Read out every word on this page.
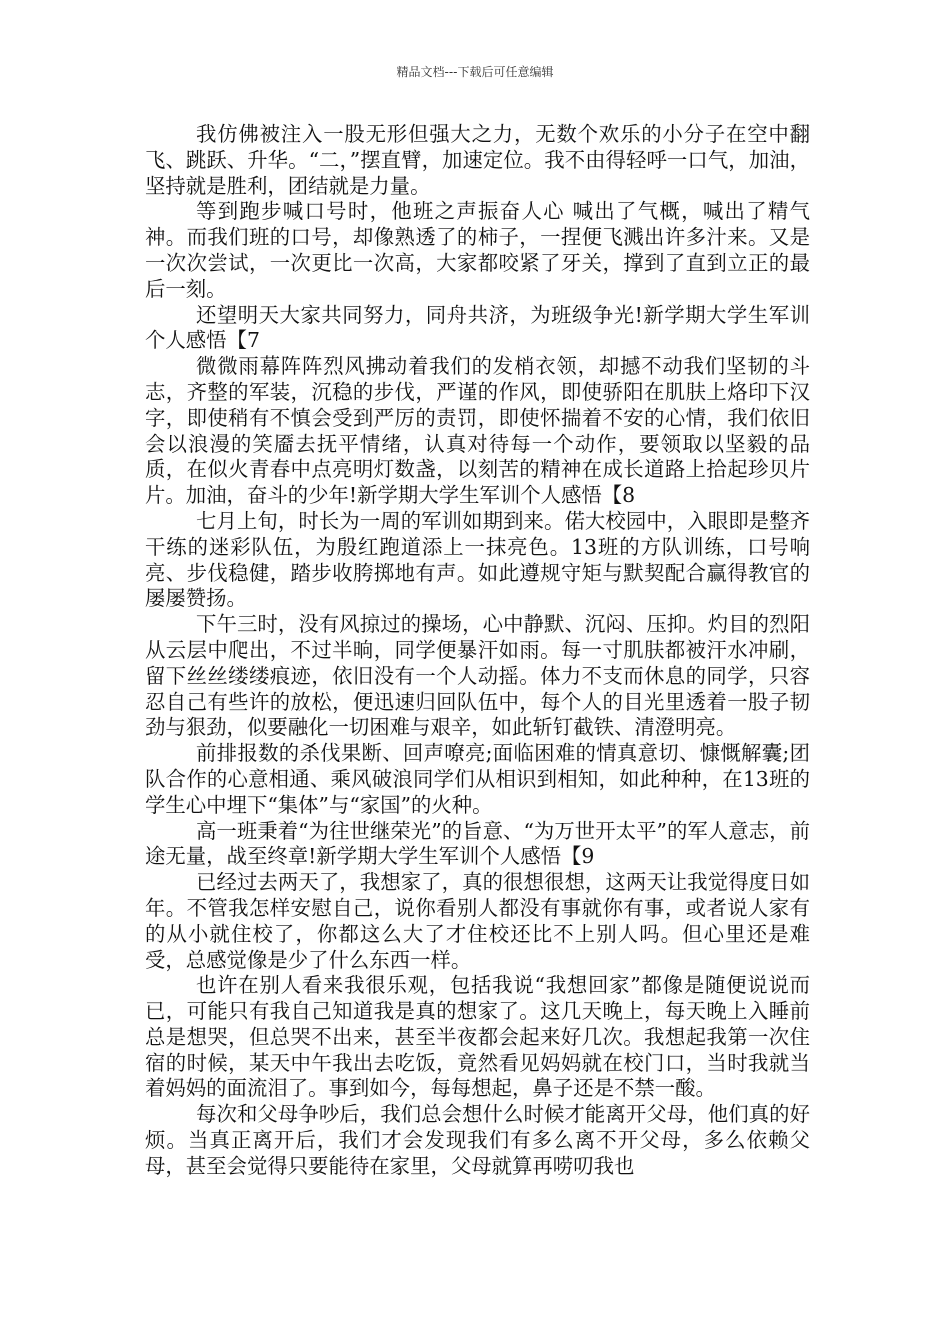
精品文档---下载后可任意编辑

我仿佛被注入一股无形但强大之力，无数个欢乐的小分子在空中翻飞、跳跃、升华。“二，”摆直臂，加速定位。我不由得轻呼一口气，加油，坚持就是胜利，团结就是力量。

等到跑步喊口号时，他班之声振奋人心 喊出了气概，喊出了精气神。而我们班的口号，却像熟透了的柿子，一捏便飞溅出许多汁来。又是一次次尝试，一次更比一次高，大家都咬紧了牙关，撑到了直到立正的最后一刻。

还望明天大家共同努力，同舟共济，为班级争光!新学期大学生军训个人感悟【7

微微雨幕阵阵烈风拂动着我们的发梢衣领，却撼不动我们坚韧的斗志，齐整的军装，沉稳的步伐，严谨的作风，即使骄阳在肌肤上烙印下汉字，即使稍有不慎会受到严厉的责罚，即使怀揣着不安的心情，我们依旧会以浪漫的笑靥去抚平情绪，认真对待每一个动作，要领取以坚毅的品质，在似火青春中点亮明灯数盏，以刻苦的精神在成长道路上拾起珍贝片片。加油，奋斗的少年!新学期大学生军训个人感悟【8

七月上旬，时长为一周的军训如期到来。偌大校园中，入眼即是整齐干练的迷彩队伍，为殷红跑道添上一抹亮色。13班的方队训练，口号响亮、步伐稳健，踏步收胯掷地有声。如此遵规守矩与默契配合赢得教官的屡屡赞扬。

下午三时，没有风掠过的操场，心中静默、沉闷、压抑。灼目的烈阳从云层中爬出，不过半晌，同学便暴汗如雨。每一寸肌肤都被汗水冲刷，留下丝丝缕缕痕迹，依旧没有一个人动摇。体力不支而休息的同学，只容忍自己有些许的放松，便迅速归回队伍中，每个人的目光里透着一股子韧劲与狠劲，似要融化一切困难与艰辛，如此斩钉截铁、清澄明亮。

前排报数的杀伐果断、回声嘹亮;面临困难的情真意切、慷慨解囊;团队合作的心意相通、乘风破浪同学们从相识到相知，如此种种，在13班的学生心中埋下“集体”与“家国”的火种。

高一班秉着“为往世继荣光”的旨意、“为万世开太平”的军人意志，前途无量，战至终章!新学期大学生军训个人感悟【9

已经过去两天了，我想家了，真的很想很想，这两天让我觉得度日如年。不管我怎样安慰自己，说你看别人都没有事就你有事，或者说人家有的从小就住校了，你都这么大了才住校还比不上别人吗。但心里还是难受，总感觉像是少了什么东西一样。

也许在别人看来我很乐观，包括我说“我想回家”都像是随便说说而已，可能只有我自己知道我是真的想家了。这几天晚上，每天晚上入睡前总是想哭，但总哭不出来，甚至半夜都会起来好几次。我想起我第一次住宿的时候，某天中午我出去吃饭，竟然看见妈妈就在校门口，当时我就当着妈妈的面流泪了。事到如今，每每想起，鼻子还是不禁一酸。

每次和父母争吵后，我们总会想什么时候才能离开父母，他们真的好烦。当真正离开后，我们才会发现我们有多么离不开父母，多么依赖父母，甚至会觉得只要能待在家里，父母就算再唠叨我也
